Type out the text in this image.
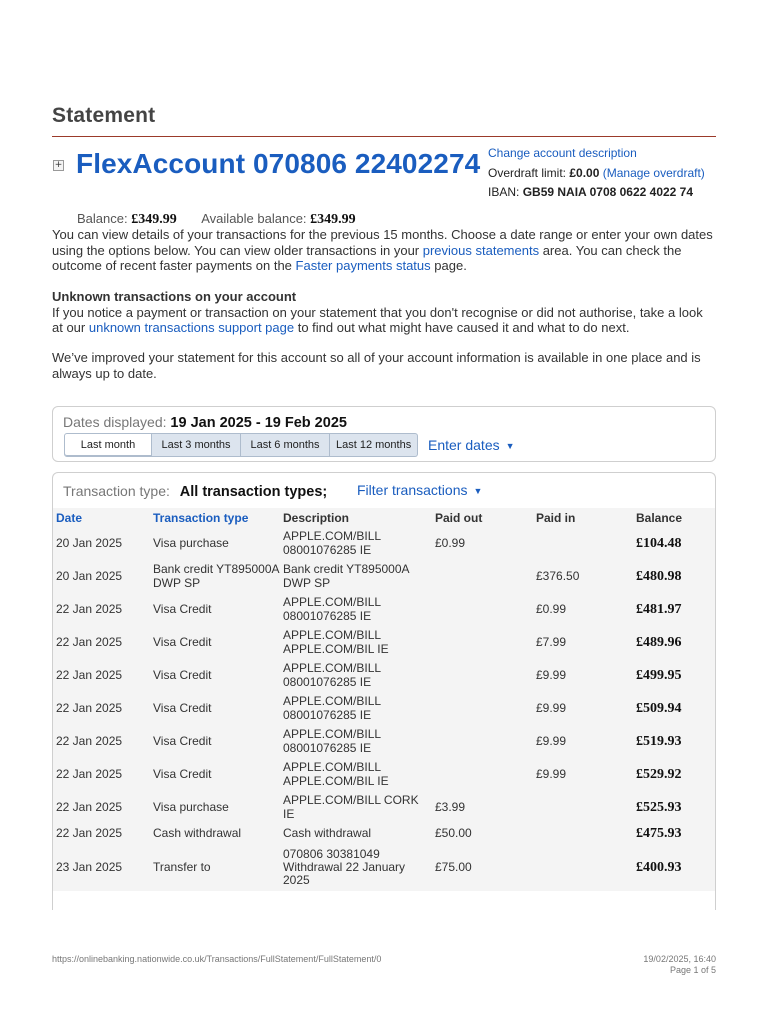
Statement
+ FlexAccount 070806 22402274 Change account description
Overdraft limit: £0.00 (Manage overdraft)
IBAN: GB59 NAIA 0708 0622 4022 74
Balance: £349.99 Available balance: £349.99
You can view details of your transactions for the previous 15 months. Choose a date range or enter your own dates using the options below. You can view older transactions in your previous statements area. You can check the outcome of recent faster payments on the Faster payments status page.
Unknown transactions on your account
If you notice a payment or transaction on your statement that you don't recognise or did not authorise, take a look at our unknown transactions support page to find out what might have caused it and what to do next.
We’ve improved your statement for this account so all of your account information is available in one place and is always up to date.
Dates displayed: 19 Jan 2025 - 19 Feb 2025
Last month	Last 3 months	Last 6 months	Last 12 months	Enter dates ▼
Transaction type: All transaction types; Filter transactions ▼
Date	Transaction type	Description	Paid out	Paid in	Balance
20 Jan 2025	Visa purchase	APPLE.COM/BILL 08001076285 IE	£0.99		£104.48
20 Jan 2025	Bank credit YT895000A DWP SP	Bank credit YT895000A DWP SP		£376.50	£480.98
22 Jan 2025	Visa Credit	APPLE.COM/BILL 08001076285 IE		£0.99	£481.97
22 Jan 2025	Visa Credit	APPLE.COM/BILL APPLE.COM/BIL IE		£7.99	£489.96
22 Jan 2025	Visa Credit	APPLE.COM/BILL 08001076285 IE		£9.99	£499.95
22 Jan 2025	Visa Credit	APPLE.COM/BILL 08001076285 IE		£9.99	£509.94
22 Jan 2025	Visa Credit	APPLE.COM/BILL 08001076285 IE		£9.99	£519.93
22 Jan 2025	Visa Credit	APPLE.COM/BILL APPLE.COM/BIL IE		£9.99	£529.92
22 Jan 2025	Visa purchase	APPLE.COM/BILL CORK IE	£3.99		£525.93
22 Jan 2025	Cash withdrawal	Cash withdrawal	£50.00		£475.93
23 Jan 2025	Transfer to	070806 30381049 Withdrawal 22 January 2025	£75.00		£400.93
https://onlinebanking.nationwide.co.uk/Transactions/FullStatement/FullStatement/0	19/02/2025, 16:40
Page 1 of 5
